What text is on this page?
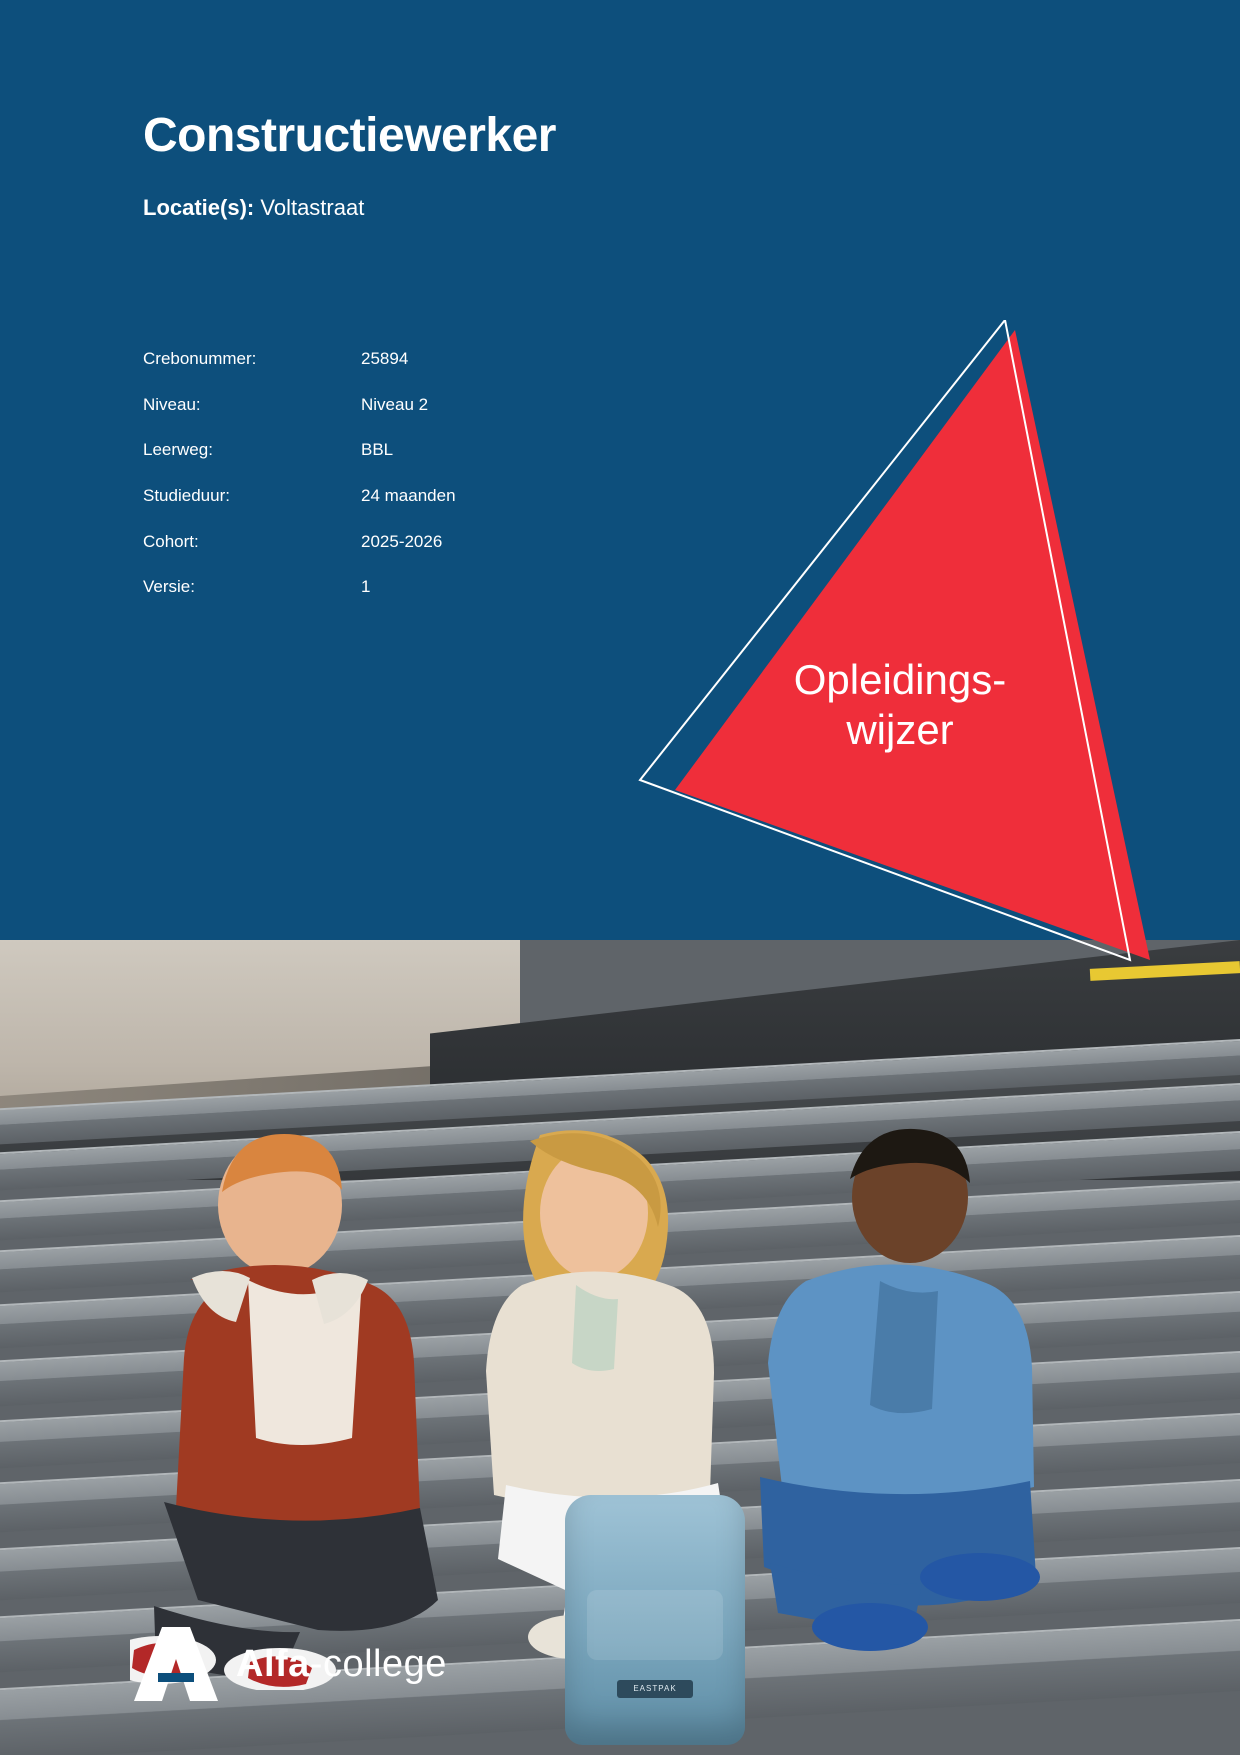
EASTPAK
Constructiewerker
Locatie(s): Voltastraat
Crebonummer:	25894
Niveau:	Niveau 2
Leerweg:	BBL
Studieduur:	24 maanden
Cohort:	2025-2026
Versie:	1
Opleidings-
wijzer
Alfa-college
